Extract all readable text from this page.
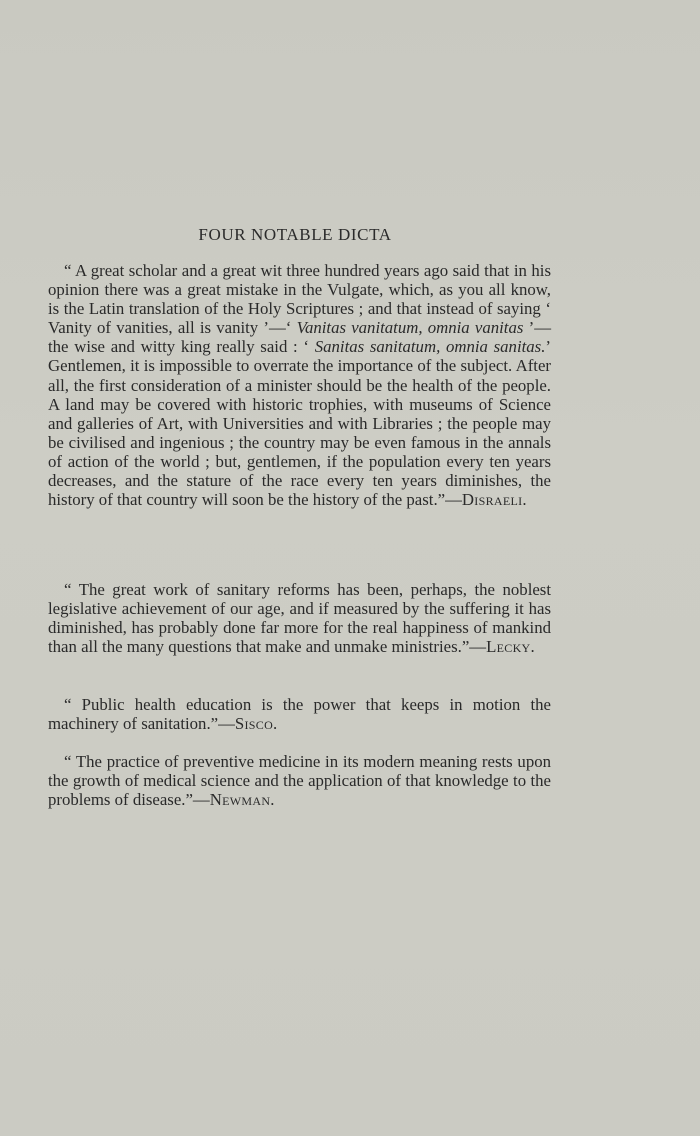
FOUR NOTABLE DICTA

“ A great scholar and a great wit three hundred years ago said that in his opinion there was a great mistake in the Vulgate, which, as you all know, is the Latin translation of the Holy Scriptures ; and that instead of saying ‘ Vanity of vanities, all is vanity ’—‘ Vanitas vanitatum, omnia vanitas ’—the wise and witty king really said : ‘ Sanitas sanitatum, omnia sanitas.’ Gentlemen, it is impossible to overrate the importance of the subject. After all, the first consideration of a minister should be the health of the people. A land may be covered with historic trophies, with museums of Science and galleries of Art, with Universities and with Libraries ; the people may be civilised and ingenious ; the country may be even famous in the annals of action of the world ; but, gentlemen, if the population every ten years decreases, and the stature of the race every ten years diminishes, the history of that country will soon be the history of the past.”—Disraeli.

“ The great work of sanitary reforms has been, perhaps, the noblest legislative achievement of our age, and if measured by the suffering it has diminished, has probably done far more for the real happiness of mankind than all the many questions that make and unmake ministries.”—Lecky.

“ Public health education is the power that keeps in motion the machinery of sanitation.”—Sisco.

“ The practice of preventive medicine in its modern meaning rests upon the growth of medical science and the application of that knowledge to the problems of disease.”—Newman.
